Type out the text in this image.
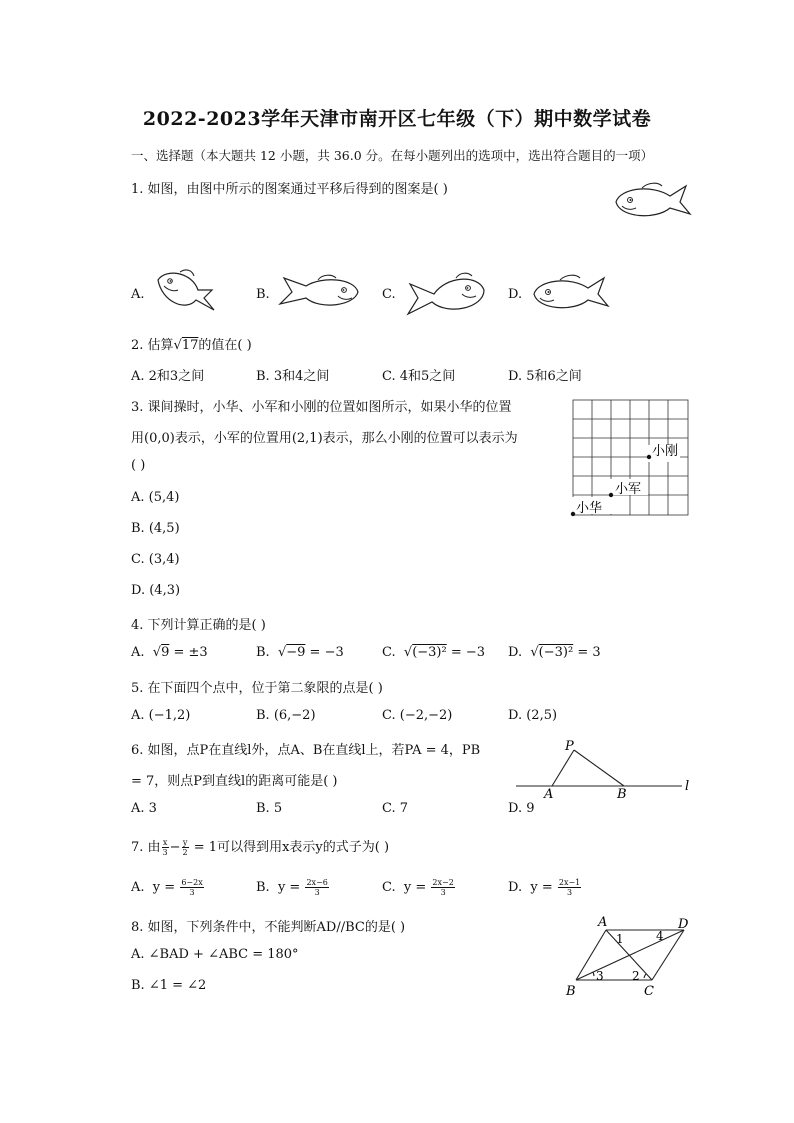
2022-2023学年天津市南开区七年级（下）期中数学试卷
一、选择题（本大题共 12 小题，共 36.0 分。在每小题列出的选项中，选出符合题目的一项）
1. 如图，由图中所示的图案通过平移后得到的图案是( )
A.	B.	C.	D.
2. 估算√17的值在( )
A. 2和3之间	B. 3和4之间	C. 4和5之间	D. 5和6之间
3. 课间操时，小华、小军和小刚的位置如图所示，如果小华的位置
用(0,0)表示，小军的位置用(2,1)表示，那么小刚的位置可以表示为
( )
A. (5,4)
B. (4,5)
C. (3,4)
D. (4,3)
小刚
小军
小华
4. 下列计算正确的是( )
A. √9 = ±3	B. √−9 = −3	C. √(−3)² = −3 D. √(−3)² = 3
5. 在下面四个点中，位于第二象限的点是( )
A. (−1,2)	B. (6,−2)	C. (−2,−2)	D. (2,5)
6. 如图，点P在直线l外，点A、B在直线l上，若PA = 4，PB
= 7，则点P到直线l的距离可能是( )
A. 3	B. 5	C. 7	D. 9
P
A	B
l
7. 由 $\frac{x}{3} - \frac{y}{2} = 1$可以得到用x表示y的式子为( )
A. $y = \frac{6-2x}{3}$	B. $y = \frac{2x-6}{3}$	C. $y = \frac{2x-2}{3}$	D. $y = \frac{2x-1}{3}$
8. 如图，下列条件中，不能判断AD//BC的是( )
A. ∠BAD + ∠ABC = 180°
B. ∠1 = ∠2
A	D
B	C
1
2
3
4
